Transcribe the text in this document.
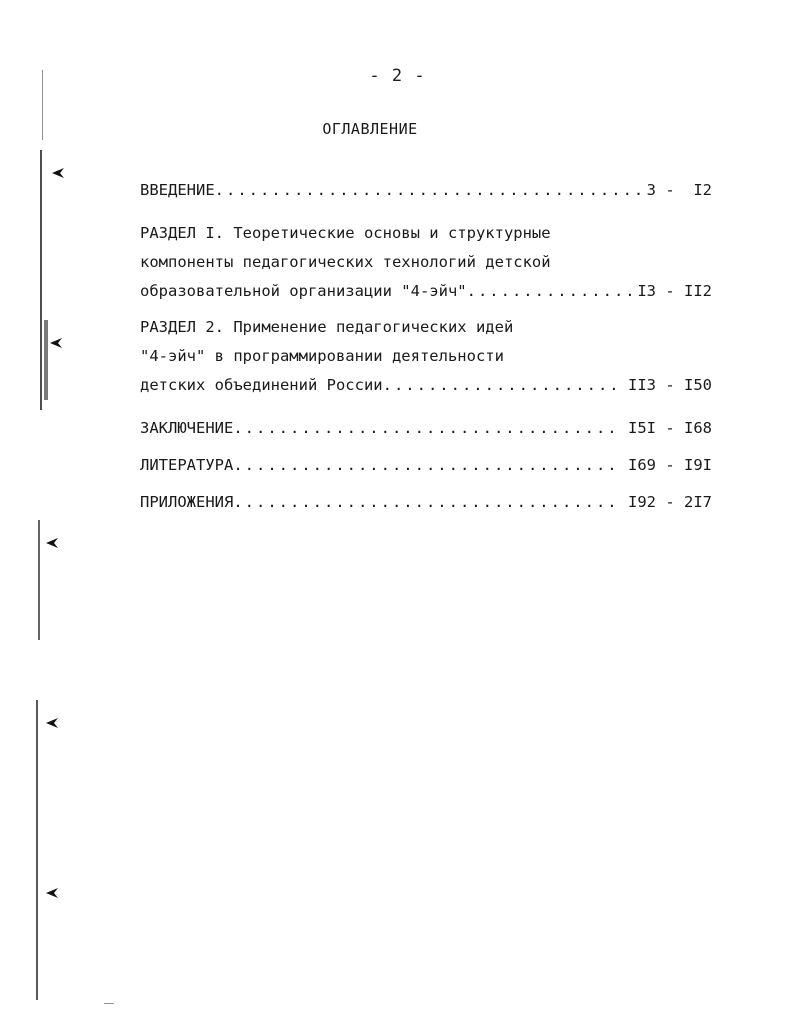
- 2 -
ОГЛАВЛЕНИЕ
ВВЕДЕНИЕ .....	3 -  I2
РАЗДЕЛ I. Теоретические основы и структурные
компоненты педагогических технологий детской
образовательной организации "4-эйч" .....	I3 - II2
РАЗДЕЛ 2. Применение педагогических идей
"4-эйч" в программировании деятельности
детских объединений России .....	II3 - I50
ЗАКЛЮЧЕНИЕ .....	I5I - I68
ЛИТЕРАТУРА .....	I69 - I9I
ПРИЛОЖЕНИЯ .....	I92 - 2I7
